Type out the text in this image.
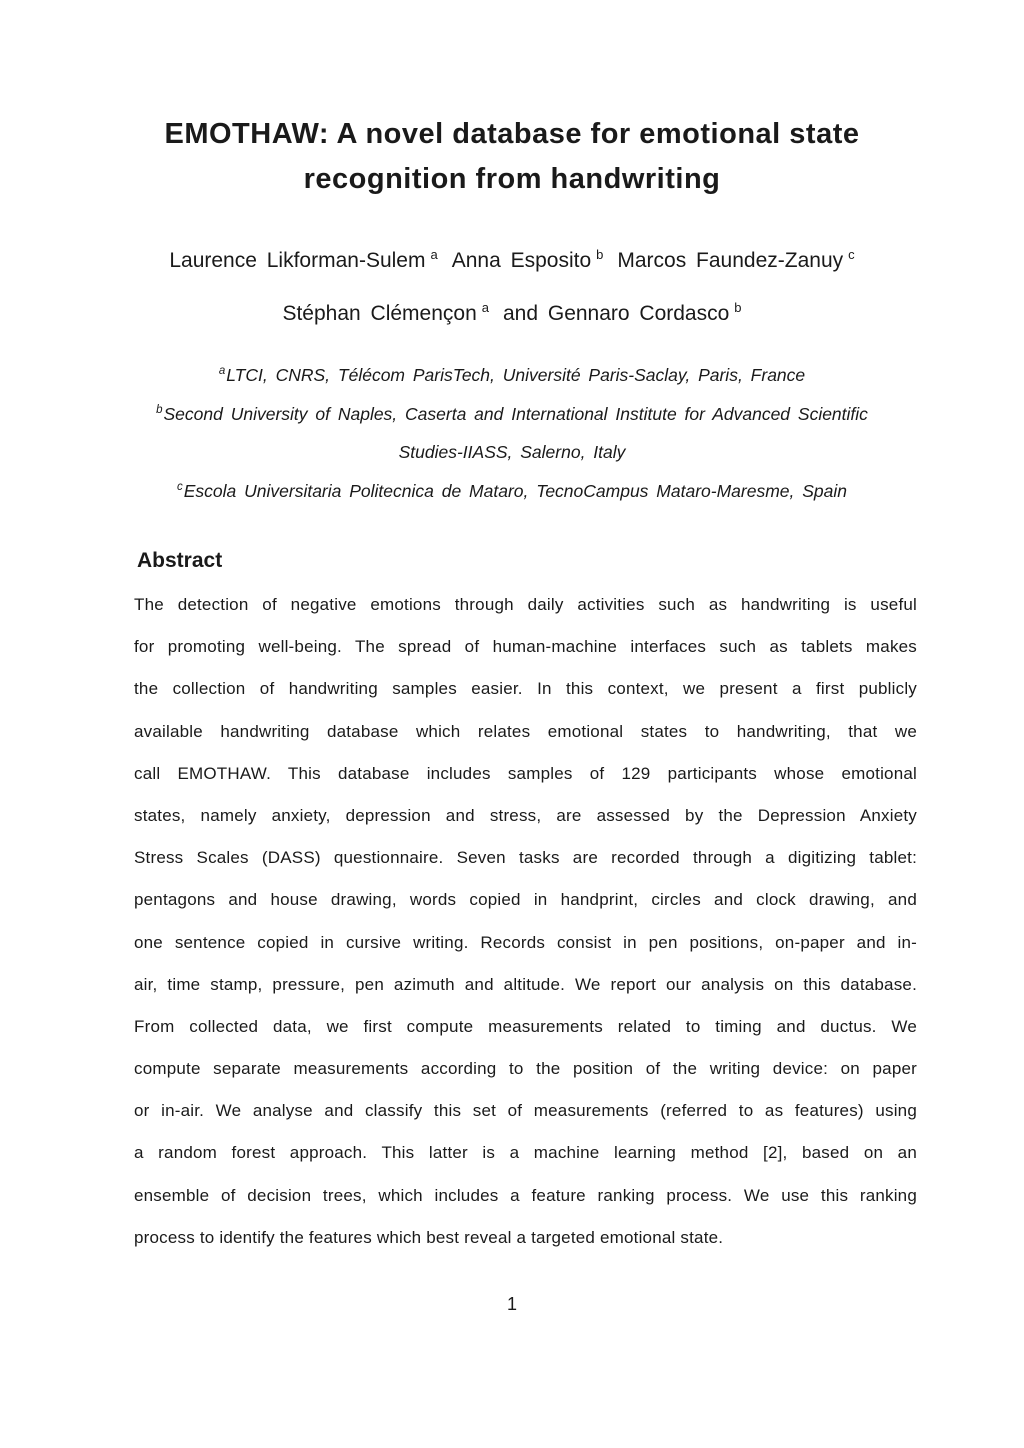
EMOTHAW: A novel database for emotional state
recognition from handwriting
Laurence Likforman-Sulem $^a$ Anna Esposito $^b$ Marcos Faundez-Zanuy $^c$
Stéphan Clémençon $^a$ and Gennaro Cordasco $^b$
$^a$LTCI, CNRS, Télécom ParisTech, Université Paris-Saclay, Paris, France
$^b$Second University of Naples, Caserta and International Institute for Advanced Scientific
Studies-IIASS, Salerno, Italy
$^c$Escola Universitaria Politecnica de Mataro, TecnoCampus Mataro-Maresme, Spain
Abstract
The detection of negative emotions through daily activities such as handwriting is useful
for promoting well-being. The spread of human-machine interfaces such as tablets makes
the collection of handwriting samples easier. In this context, we present a first publicly
available handwriting database which relates emotional states to handwriting, that we
call EMOTHAW. This database includes samples of 129 participants whose emotional
states, namely anxiety, depression and stress, are assessed by the Depression Anxiety
Stress Scales (DASS) questionnaire. Seven tasks are recorded through a digitizing tablet:
pentagons and house drawing, words copied in handprint, circles and clock drawing, and
one sentence copied in cursive writing. Records consist in pen positions, on-paper and in-
air, time stamp, pressure, pen azimuth and altitude. We report our analysis on this database.
From collected data, we first compute measurements related to timing and ductus. We
compute separate measurements according to the position of the writing device: on paper
or in-air. We analyse and classify this set of measurements (referred to as features) using
a random forest approach. This latter is a machine learning method [2], based on an
ensemble of decision trees, which includes a feature ranking process. We use this ranking
process to identify the features which best reveal a targeted emotional state.
1
